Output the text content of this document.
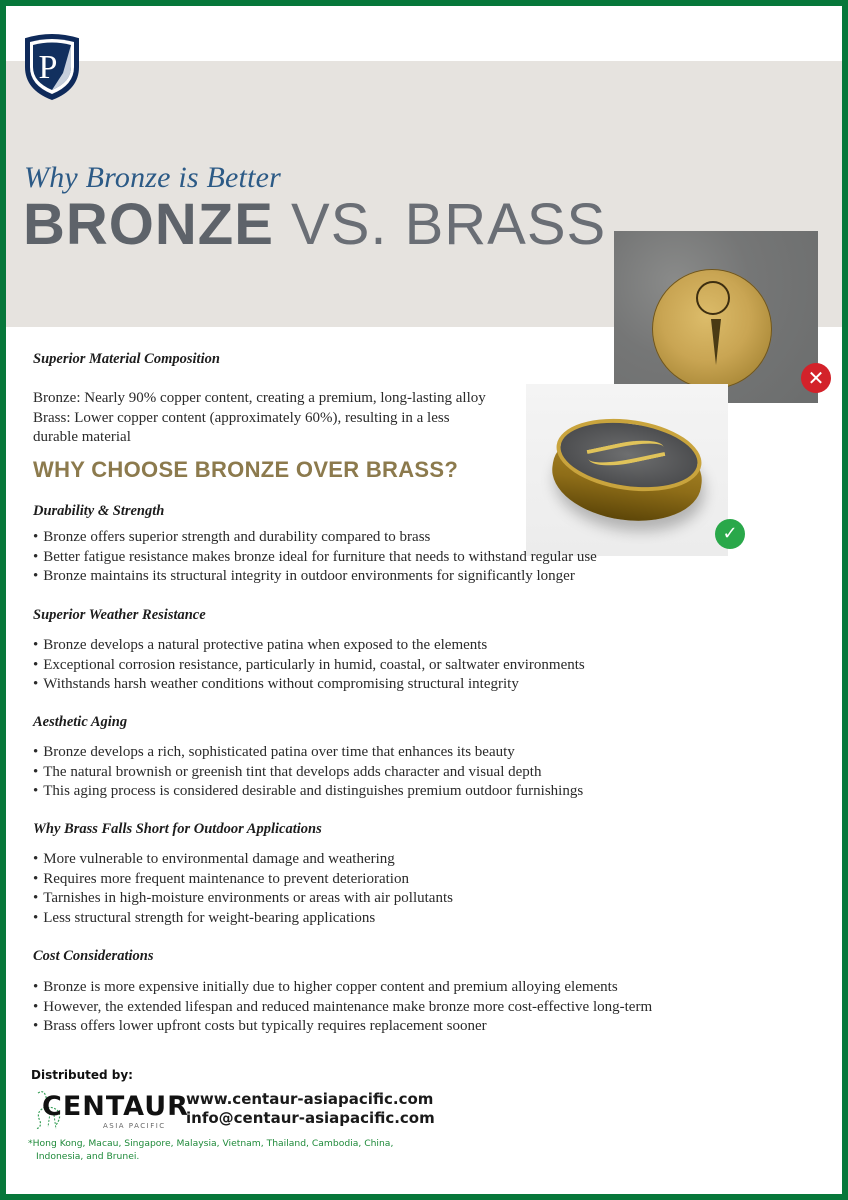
P
Why Bronze is Better
BRONZE VS. BRASS
✕
✓
Superior Material Composition
Bronze: Nearly 90% copper content, creating a premium, long-lasting alloy
Brass: Lower copper content (approximately 60%), resulting in a less
durable material
WHY CHOOSE BRONZE OVER BRASS?
Durability & Strength
• Bronze offers superior strength and durability compared to brass
• Better fatigue resistance makes bronze ideal for furniture that needs to withstand regular use
• Bronze maintains its structural integrity in outdoor environments for significantly longer
Superior Weather Resistance
• Bronze develops a natural protective patina when exposed to the elements
• Exceptional corrosion resistance, particularly in humid, coastal, or saltwater environments
• Withstands harsh weather conditions without compromising structural integrity
Aesthetic Aging
• Bronze develops a rich, sophisticated patina over time that enhances its beauty
• The natural brownish or greenish tint that develops adds character and visual depth
• This aging process is considered desirable and distinguishes premium outdoor furnishings
Why Brass Falls Short for Outdoor Applications
• More vulnerable to environmental damage and weathering
• Requires more frequent maintenance to prevent deterioration
• Tarnishes in high-moisture environments or areas with air pollutants
• Less structural strength for weight-bearing applications
Cost Considerations
• Bronze is more expensive initially due to higher copper content and premium alloying elements
• However, the extended lifespan and reduced maintenance make bronze more cost-effective long-term
• Brass offers lower upfront costs but typically requires replacement sooner
Distributed by:
CENTAUR
ASIA PACIFIC
www.centaur-asiapacific.com
info@centaur-asiapacific.com
*Hong Kong, Macau, Singapore, Malaysia, Vietnam, Thailand, Cambodia, China,
Indonesia, and Brunei.
